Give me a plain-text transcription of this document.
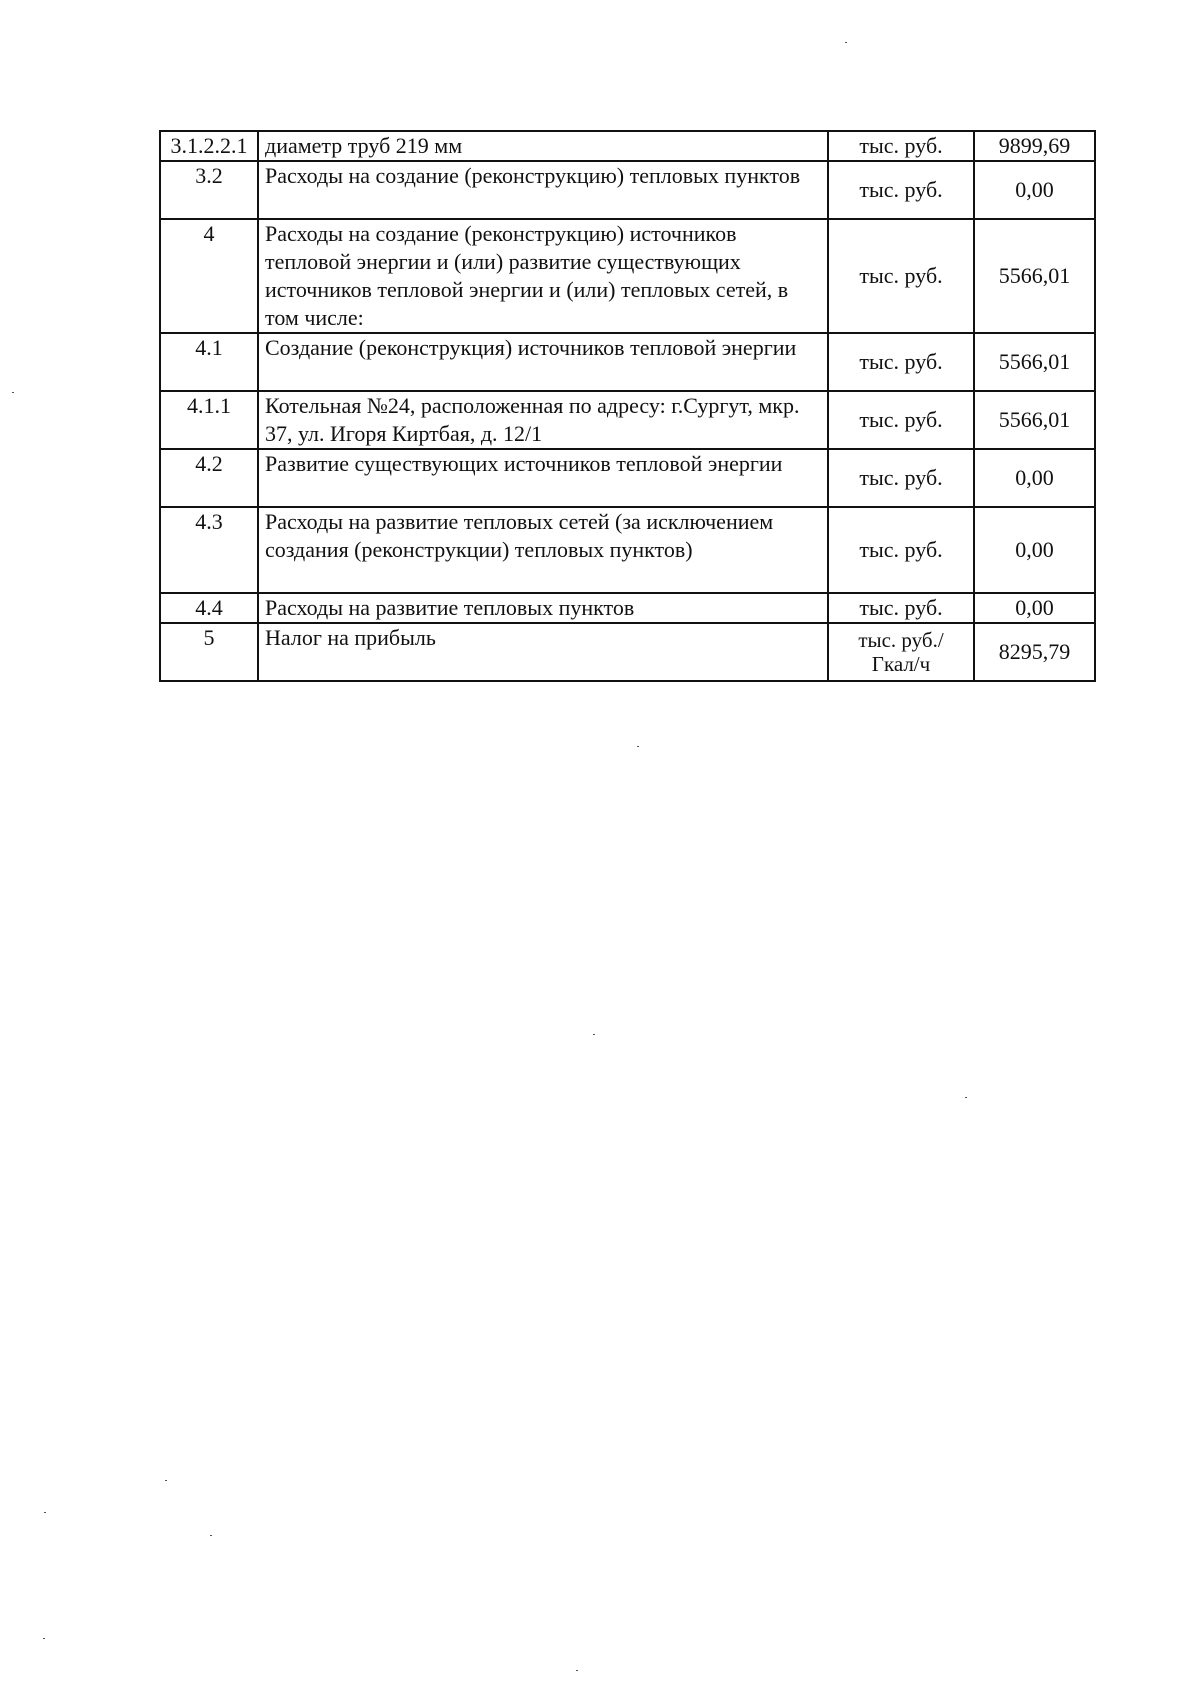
3.1.2.2.1	диаметр труб 219 мм	тыс. руб.	9899,69
3.2	Расходы на создание (реконструкцию) тепловых пунктов	тыс. руб.	0,00
4	Расходы на создание (реконструкцию) источников тепловой энергии и (или) развитие существующих источников тепловой энергии и (или) тепловых сетей, в том числе:	тыс. руб.	5566,01
4.1	Создание (реконструкция) источников тепловой энергии	тыс. руб.	5566,01
4.1.1	Котельная №24, расположенная по адресу: г.Сургут, мкр. 37, ул. Игоря Киртбая, д. 12/1	тыс. руб.	5566,01
4.2	Развитие существующих источников тепловой энергии	тыс. руб.	0,00
4.3	Расходы на развитие тепловых сетей (за исключением создания (реконструкции) тепловых пунктов)	тыс. руб.	0,00
4.4	Расходы на развитие тепловых пунктов	тыс. руб.	0,00
5	Налог на прибыль	тыс. руб./Гкал/ч	8295,79
